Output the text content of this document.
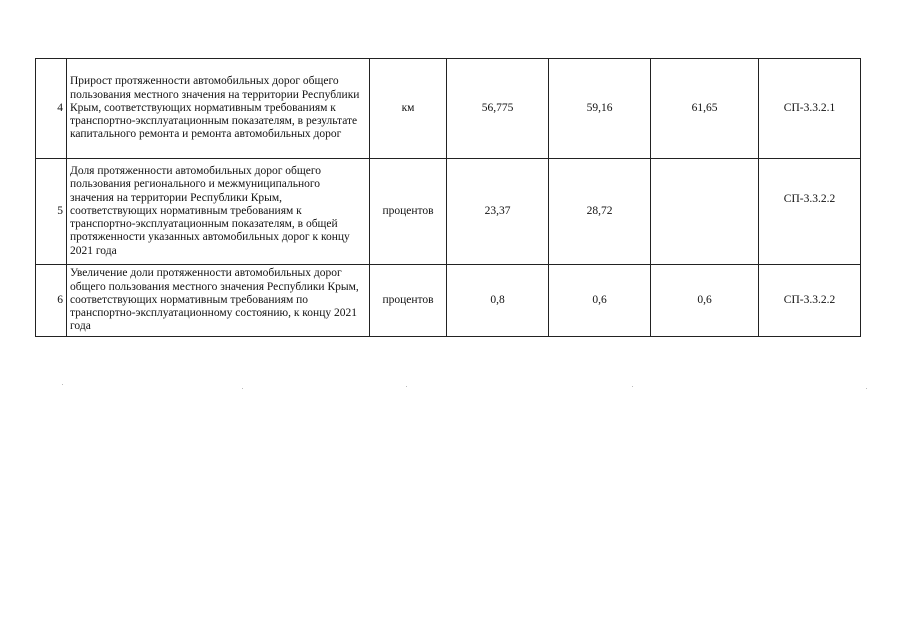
4	Прирост протяженности автомобильных дорог общего пользования местного значения на территории Республики Крым, соответствующих нормативным требованиям к транспортно-эксплуатационным показателям, в результате капитального ремонта и ремонта автомобильных дорог	км	56,775	59,16	61,65	СП-3.3.2.1
5	Доля протяженности автомобильных дорог общего пользования регионального и межмуниципального значения на территории Республики Крым, соответствующих нормативным требованиям к транспортно-эксплуатационным показателям, в общей протяженности указанных автомобильных дорог к концу 2021 года	процентов	23,37	28,72		СП-3.3.2.2
6	Увеличение доли протяженности автомобильных дорог общего пользования местного значения Республики Крым, соответствующих нормативным требованиям по транспортно-эксплуатационному состоянию, к концу 2021 года	процентов	0,8	0,6	0,6	СП-3.3.2.2
